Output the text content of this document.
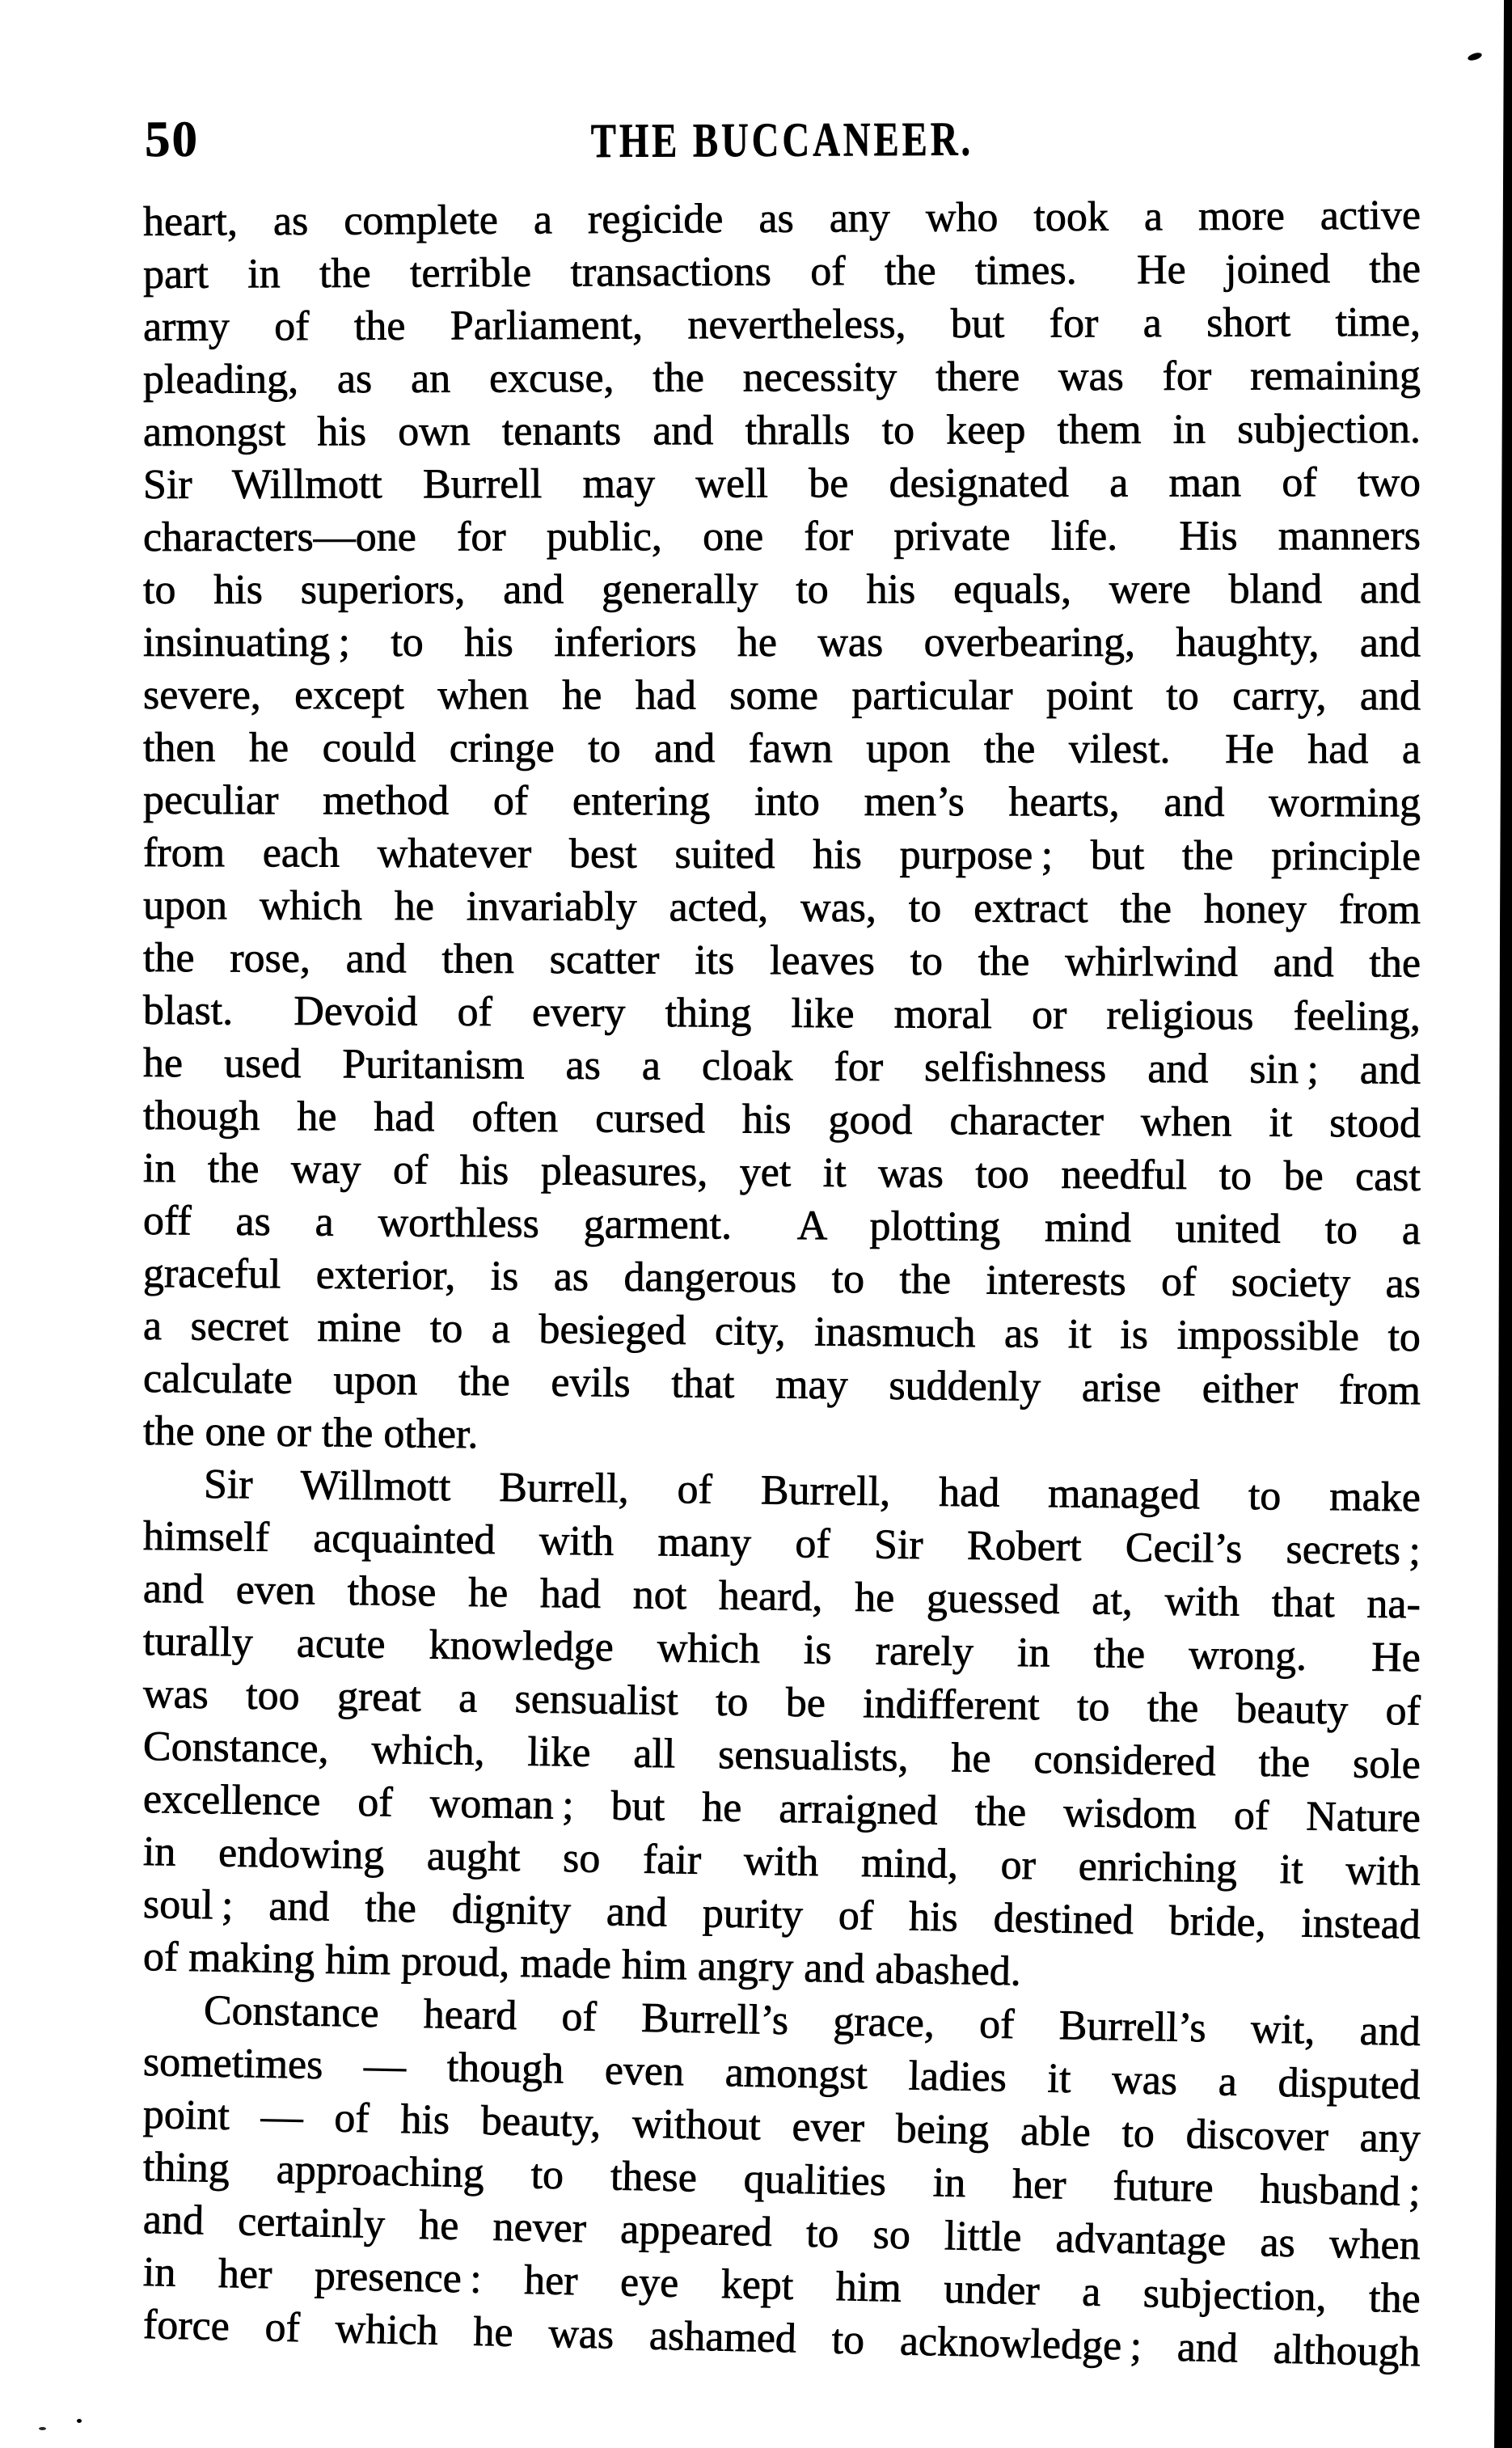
50	THE BUCCANEER.
heart, as complete a regicide as any who took a more active
part in the terrible transactions of the times.  He joined the
army of the Parliament, nevertheless, but for a short time,
pleading, as an excuse, the necessity there was for remaining
amongst his own tenants and thralls to keep them in subjection.
Sir Willmott Burrell may well be designated a man of two
characters—one for public, one for private life.  His manners
to his superiors, and generally to his equals, were bland and
insinuating ; to his inferiors he was overbearing, haughty, and
severe, except when he had some particular point to carry, and
then he could cringe to and fawn upon the vilest.  He had a
peculiar method of entering into men’s hearts, and worming
from each whatever best suited his purpose ; but the principle
upon which he invariably acted, was, to extract the honey from
the rose, and then scatter its leaves to the whirlwind and the
blast.  Devoid of every thing like moral or religious feeling,
he used Puritanism as a cloak for selfishness and sin ; and
though he had often cursed his good character when it stood
in the way of his pleasures, yet it was too needful to be cast
off as a worthless garment.  A plotting mind united to a
graceful exterior, is as dangerous to the interests of society as
a secret mine to a besieged city, inasmuch as it is impossible to
calculate upon the evils that may suddenly arise either from
the one or the other.
Sir Willmott Burrell, of Burrell, had managed to make
himself acquainted with many of Sir Robert Cecil’s secrets ;
and even those he had not heard, he guessed at, with that na-
turally acute knowledge which is rarely in the wrong.  He
was too great a sensualist to be indifferent to the beauty of
Constance, which, like all sensualists, he considered the sole
excellence of woman ; but he arraigned the wisdom of Nature
in endowing aught so fair with mind, or enriching it with
soul ; and the dignity and purity of his destined bride, instead
of making him proud, made him angry and abashed.
Constance heard of Burrell’s grace, of Burrell’s wit, and
sometimes — though even amongst ladies it was a disputed
point — of his beauty, without ever being able to discover any
thing approaching to these qualities in her future husband ;
and certainly he never appeared to so little advantage as when
in her presence : her eye kept him under a subjection, the
force of which he was ashamed to acknowledge ; and although
